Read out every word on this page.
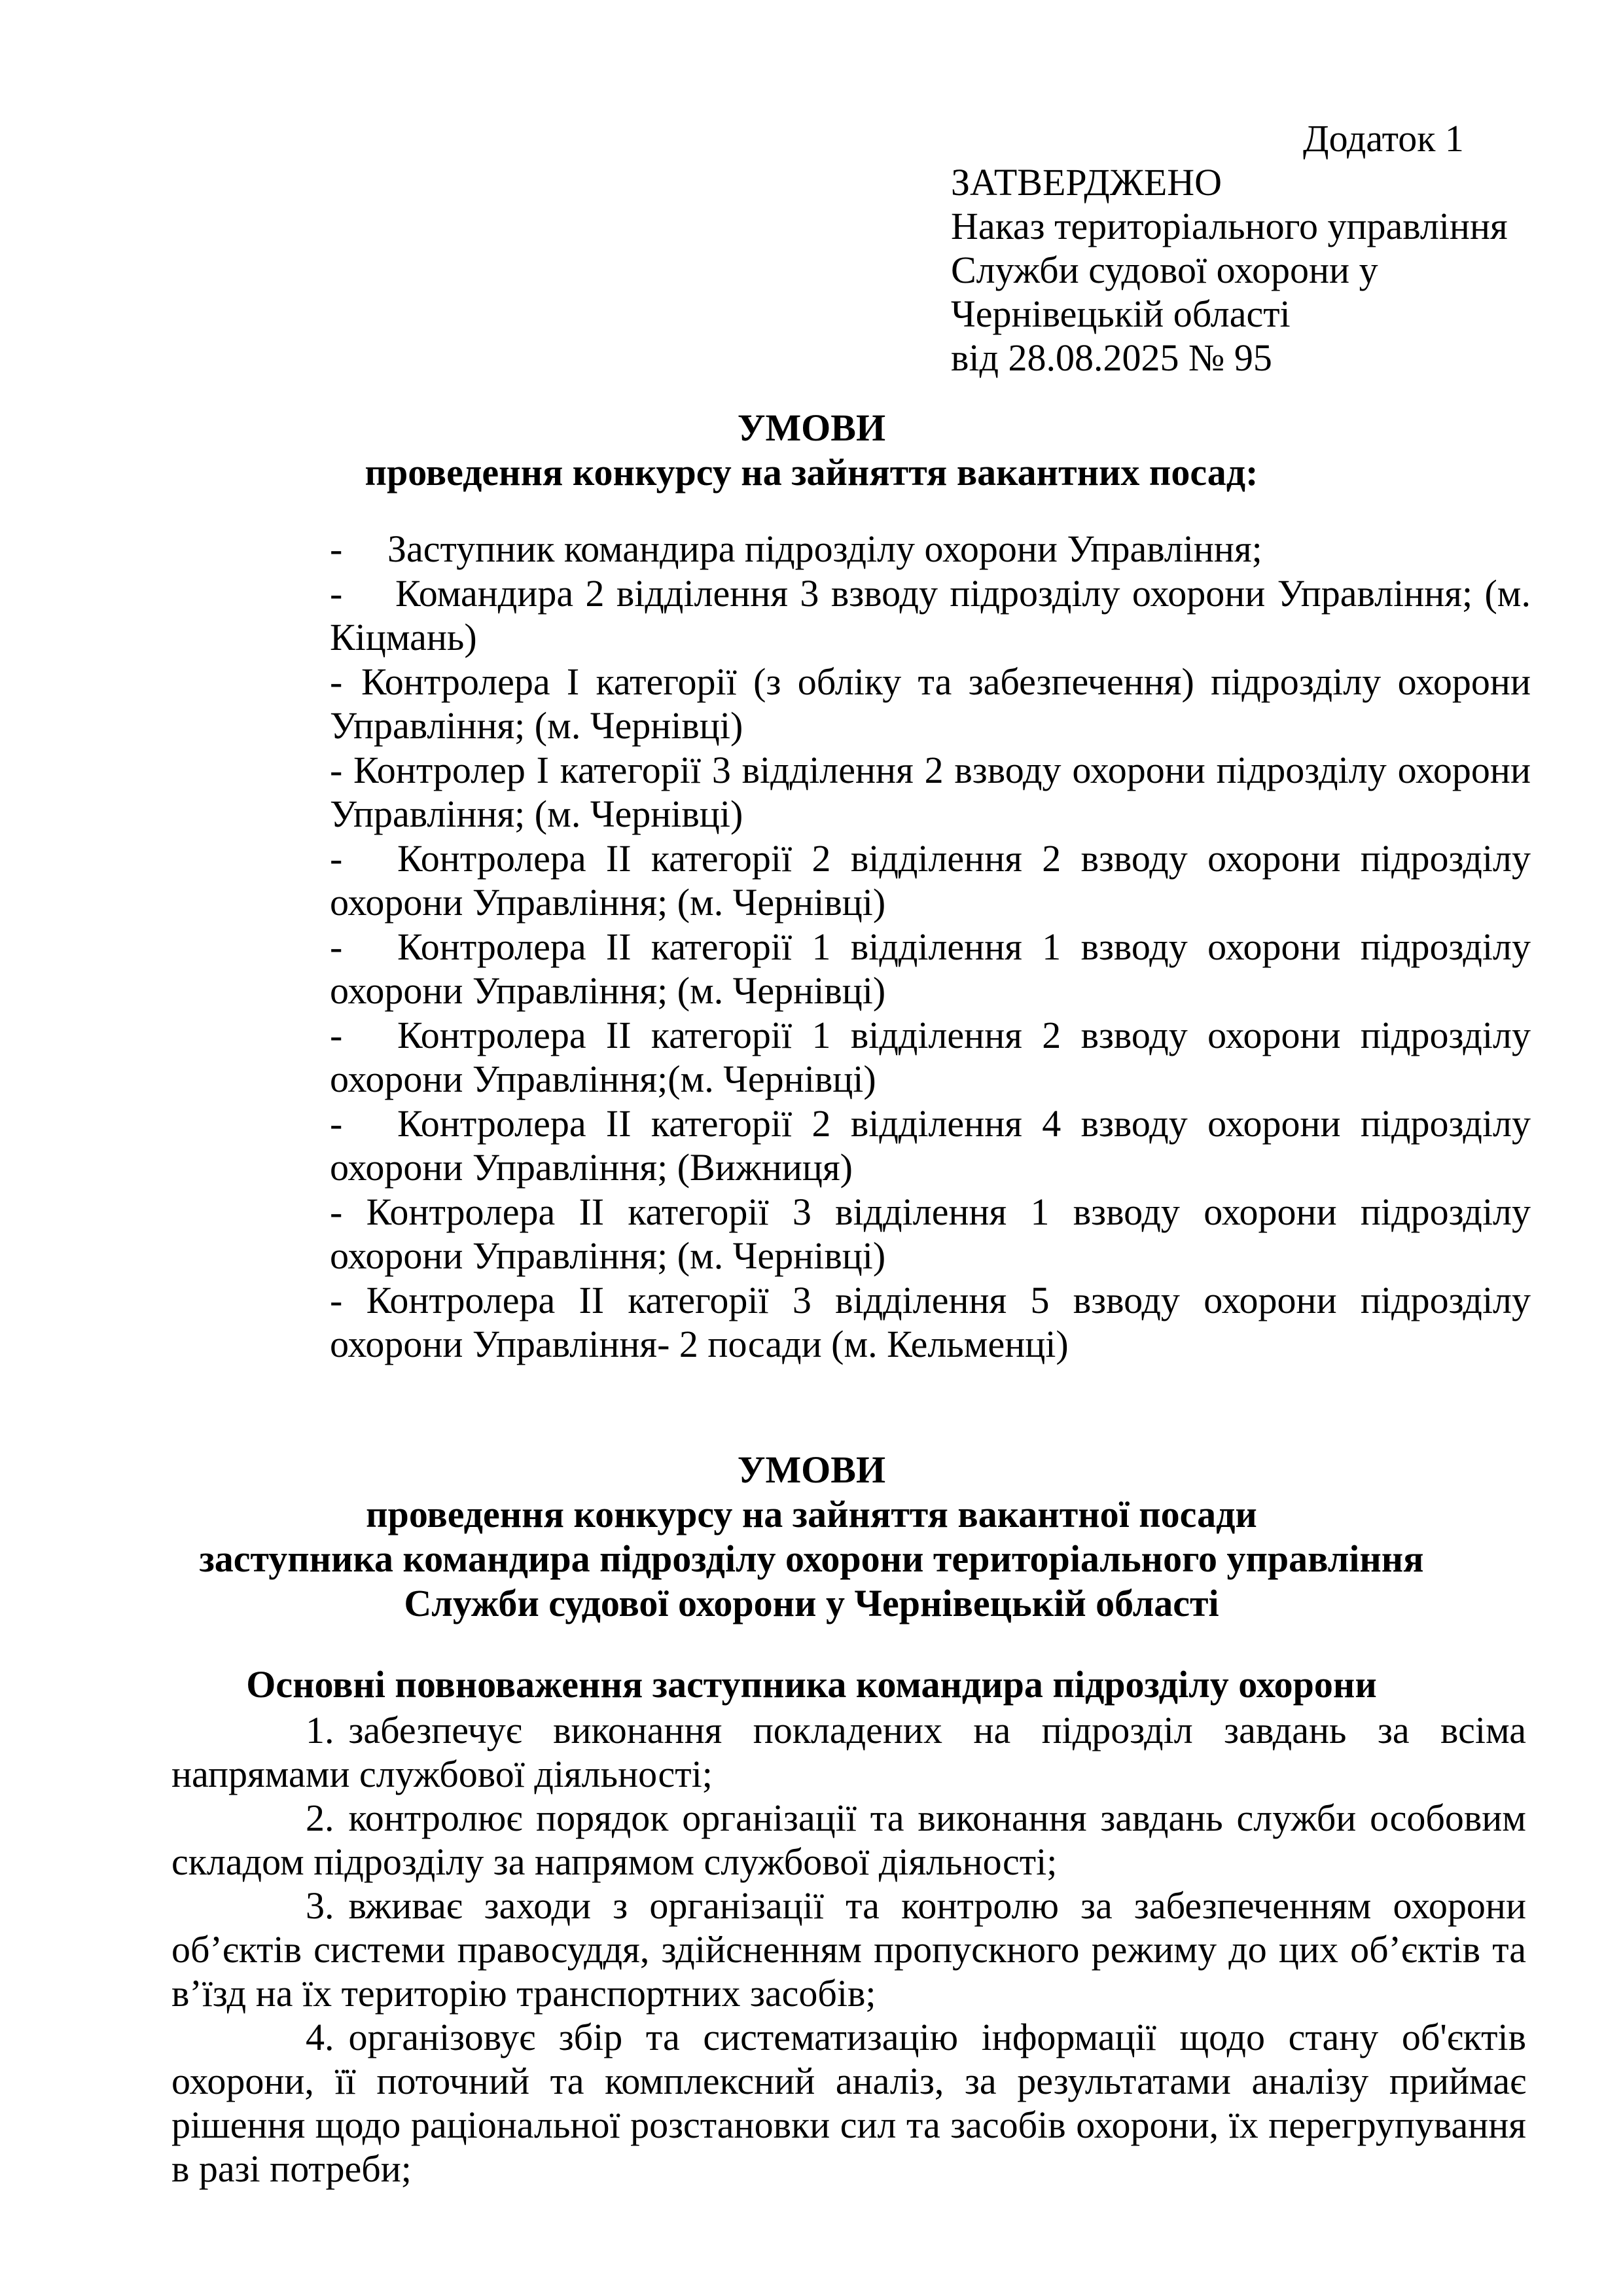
Додаток 1
ЗАТВЕРДЖЕНО
Наказ територіального управління
Служби судової охорони у
Чернівецькій області
від 28.08.2025 № 95
УМОВИ
проведення конкурсу на зайняття вакантних посад:
- Заступник командира підрозділу охорони Управління;
- Командира 2 відділення 3 взводу підрозділу охорони Управління; (м. Кіцмань)
- Контролера I категорії (з обліку та забезпечення) підрозділу охорони Управління; (м. Чернівці)
- Контролер I категорії 3 відділення 2 взводу охорони підрозділу охорони Управління; (м. Чернівці)
- Контролера II категорії 2 відділення 2 взводу охорони підрозділу охорони Управління; (м. Чернівці)
- Контролера II категорії 1 відділення 1 взводу охорони підрозділу охорони Управління; (м. Чернівці)
- Контролера II категорії 1 відділення 2 взводу охорони підрозділу охорони Управління;(м. Чернівці)
- Контролера II категорії 2 відділення 4 взводу охорони підрозділу охорони Управління; (Вижниця)
- Контролера II категорії 3 відділення 1 взводу охорони підрозділу охорони Управління; (м. Чернівці)
- Контролера II категорії 3 відділення 5 взводу охорони підрозділу охорони Управління- 2 посади (м. Кельменці)
УМОВИ
проведення конкурсу на зайняття вакантної посади
заступника командира підрозділу охорони територіального управління
Служби судової охорони у Чернівецькій області
Основні повноваження заступника командира підрозділу охорони

1. забезпечує виконання покладених на підрозділ завдань за всіма напрямами службової діяльності;

2. контролює порядок організації та виконання завдань служби особовим складом підрозділу за напрямом службової діяльності;

3. вживає заходи з організації та контролю за забезпеченням охорони об’єктів системи правосуддя, здійсненням пропускного режиму до цих об’єктів та в’їзд на їх територію транспортних засобів;

4. організовує збір та систематизацію інформації щодо стану об'єктів охорони, її поточний та комплексний аналіз, за результатами аналізу приймає рішення щодо раціональної розстановки сил та засобів охорони, їх перегрупування в разі потреби;
